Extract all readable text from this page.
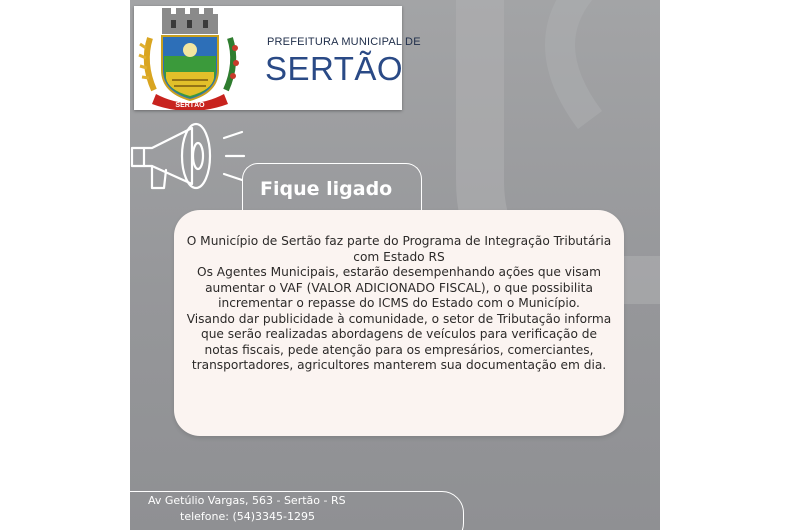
SERTÃO
PREFEITURA MUNICIPAL DE
SERTÃO
Fique ligado

O Município de Sertão faz parte do Programa de Integração Tributária com Estado RS

Os Agentes Municipais, estarão desempenhando ações que visam aumentar o VAF (VALOR ADICIONADO FISCAL), o que possibilita incrementar o repasse do ICMS do Estado com o Município.

Visando dar publicidade à comunidade, o setor de Tributação informa que serão realizadas abordagens de veículos para verificação de notas fiscais, pede atenção para os empresários, comerciantes, transportadores, agricultores manterem sua documentação em dia.

Av Getúlio Vargas, 563 - Sertão - RS
telefone: (54)3345-1295
